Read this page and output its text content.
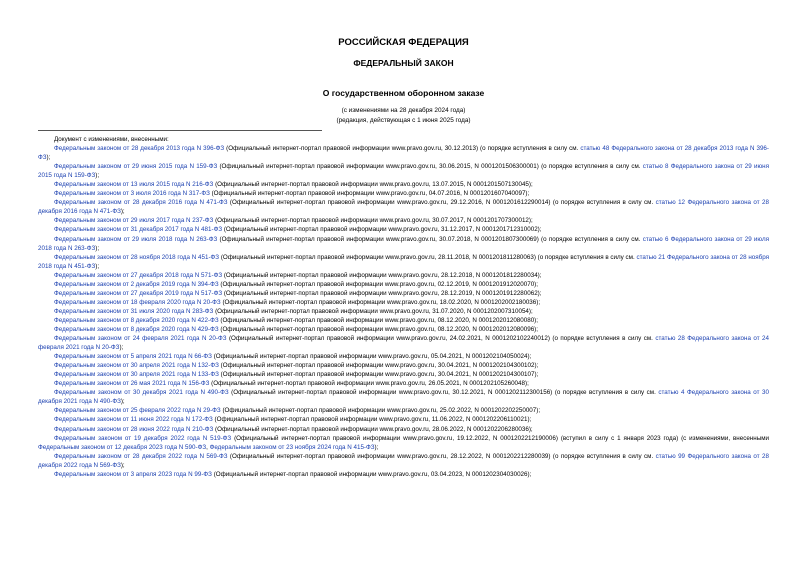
РОССИЙСКАЯ ФЕДЕРАЦИЯ
ФЕДЕРАЛЬНЫЙ ЗАКОН
О государственном оборонном заказе
(с изменениями на 28 декабря 2024 года)
(редакция, действующая с 1 июня 2025 года)

Документ с изменениями, внесенными:

Федеральным законом от 28 декабря 2013 года N 396-ФЗ (Официальный интернет-портал правовой информации www.pravo.gov.ru, 30.12.2013) (о порядке вступления в силу см. статью 48 Федерального закона от 28 декабря 2013 года N 396-ФЗ);

Федеральным законом от 29 июня 2015 года N 159-ФЗ (Официальный интернет-портал правовой информации www.pravo.gov.ru, 30.06.2015, N 0001201506300001) (о порядке вступления в силу см. статью 8 Федерального закона от 29 июня 2015 года N 159-ФЗ);

Федеральным законом от 13 июля 2015 года N 216-ФЗ (Официальный интернет-портал правовой информации www.pravo.gov.ru, 13.07.2015, N 0001201507130045);

Федеральным законом от 3 июля 2016 года N 317-ФЗ (Официальный интернет-портал правовой информации www.pravo.gov.ru, 04.07.2016, N 0001201607040097);

Федеральным законом от 28 декабря 2016 года N 471-ФЗ (Официальный интернет-портал правовой информации www.pravo.gov.ru, 29.12.2016, N 0001201612290014) (о порядке вступления в силу см. статью 12 Федерального закона от 28 декабря 2016 года N 471-ФЗ);

Федеральным законом от 29 июля 2017 года N 237-ФЗ (Официальный интернет-портал правовой информации www.pravo.gov.ru, 30.07.2017, N 0001201707300012);

Федеральным законом от 31 декабря 2017 года N 481-ФЗ (Официальный интернет-портал правовой информации www.pravo.gov.ru, 31.12.2017, N 0001201712310002);

Федеральным законом от 29 июля 2018 года N 263-ФЗ (Официальный интернет-портал правовой информации www.pravo.gov.ru, 30.07.2018, N 0001201807300069) (о порядке вступления в силу см. статью 6 Федерального закона от 29 июля 2018 года N 263-ФЗ);

Федеральным законом от 28 ноября 2018 года N 451-ФЗ (Официальный интернет-портал правовой информации www.pravo.gov.ru, 28.11.2018, N 0001201811280063) (о порядке вступления в силу см. статью 21 Федерального закона от 28 ноября 2018 года N 451-ФЗ);

Федеральным законом от 27 декабря 2018 года N 571-ФЗ (Официальный интернет-портал правовой информации www.pravo.gov.ru, 28.12.2018, N 0001201812280034);

Федеральным законом от 2 декабря 2019 года N 394-ФЗ (Официальный интернет-портал правовой информации www.pravo.gov.ru, 02.12.2019, N 0001201912020070);

Федеральным законом от 27 декабря 2019 года N 517-ФЗ (Официальный интернет-портал правовой информации www.pravo.gov.ru, 28.12.2019, N 0001201912280062);

Федеральным законом от 18 февраля 2020 года N 20-ФЗ (Официальный интернет-портал правовой информации www.pravo.gov.ru, 18.02.2020, N 0001202002180036);

Федеральным законом от 31 июля 2020 года N 283-ФЗ (Официальный интернет-портал правовой информации www.pravo.gov.ru, 31.07.2020, N 0001202007310054);

Федеральным законом от 8 декабря 2020 года N 422-ФЗ (Официальный интернет-портал правовой информации www.pravo.gov.ru, 08.12.2020, N 0001202012080080);

Федеральным законом от 8 декабря 2020 года N 429-ФЗ (Официальный интернет-портал правовой информации www.pravo.gov.ru, 08.12.2020, N 0001202012080096);

Федеральным законом от 24 февраля 2021 года N 20-ФЗ (Официальный интернет-портал правовой информации www.pravo.gov.ru, 24.02.2021, N 0001202102240012) (о порядке вступления в силу см. статью 28 Федерального закона от 24 февраля 2021 года N 20-ФЗ);

Федеральным законом от 5 апреля 2021 года N 66-ФЗ (Официальный интернет-портал правовой информации www.pravo.gov.ru, 05.04.2021, N 0001202104050024);

Федеральным законом от 30 апреля 2021 года N 132-ФЗ (Официальный интернет-портал правовой информации www.pravo.gov.ru, 30.04.2021, N 0001202104300102);

Федеральным законом от 30 апреля 2021 года N 133-ФЗ (Официальный интернет-портал правовой информации www.pravo.gov.ru, 30.04.2021, N 0001202104300107);

Федеральным законом от 26 мая 2021 года N 156-ФЗ (Официальный интернет-портал правовой информации www.pravo.gov.ru, 26.05.2021, N 0001202105260048);

Федеральным законом от 30 декабря 2021 года N 490-ФЗ (Официальный интернет-портал правовой информации www.pravo.gov.ru, 30.12.2021, N 0001202112300156) (о порядке вступления в силу см. статью 4 Федерального закона от 30 декабря 2021 года N 490-ФЗ);

Федеральным законом от 25 февраля 2022 года N 29-ФЗ (Официальный интернет-портал правовой информации www.pravo.gov.ru, 25.02.2022, N 0001202202250007);

Федеральным законом от 11 июня 2022 года N 172-ФЗ (Официальный интернет-портал правовой информации www.pravo.gov.ru, 11.06.2022, N 0001202206110021);

Федеральным законом от 28 июня 2022 года N 210-ФЗ (Официальный интернет-портал правовой информации www.pravo.gov.ru, 28.06.2022, N 0001202206280036);

Федеральным законом от 19 декабря 2022 года N 519-ФЗ (Официальный интернет-портал правовой информации www.pravo.gov.ru, 19.12.2022, N 0001202212190006) (вступил в силу с 1 января 2023 года) (с изменениями, внесенными Федеральным законом от 12 декабря 2023 года N 590-ФЗ, Федеральным законом от 23 ноября 2024 года N 415-ФЗ);

Федеральным законом от 28 декабря 2022 года N 569-ФЗ (Официальный интернет-портал правовой информации www.pravo.gov.ru, 28.12.2022, N 0001202212280039) (о порядке вступления в силу см. статью 99 Федерального закона от 28 декабря 2022 года N 569-ФЗ);

Федеральным законом от 3 апреля 2023 года N 99-ФЗ (Официальный интернет-портал правовой информации www.pravo.gov.ru, 03.04.2023, N 0001202304030026);
